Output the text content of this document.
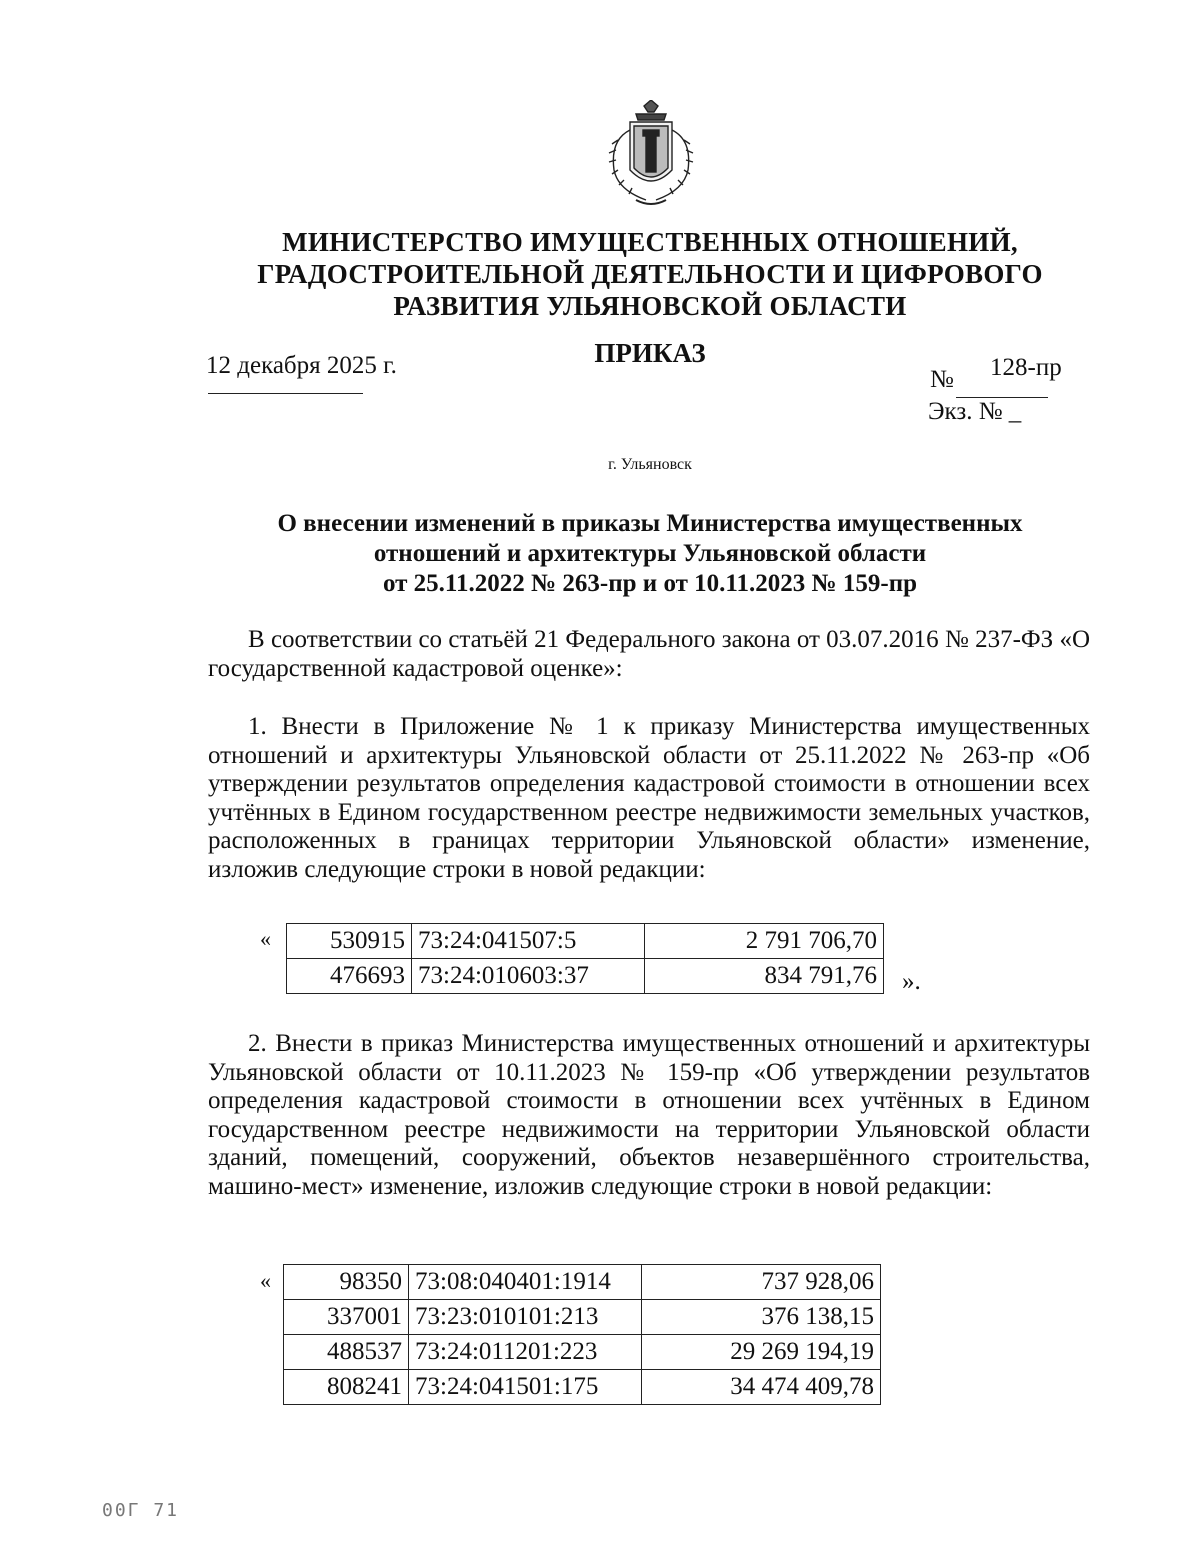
МИНИСТЕРСТВО ИМУЩЕСТВЕННЫХ ОТНОШЕНИЙ,
ГРАДОСТРОИТЕЛЬНОЙ ДЕЯТЕЛЬНОСТИ И ЦИФРОВОГО
РАЗВИТИЯ УЛЬЯНОВСКОЙ ОБЛАСТИ
ПРИКАЗ
12 декабря 2025 г.
№ 128-пр
Экз. № _
г. Ульяновск
О внесении изменений в приказы Министерства имущественных
отношений и архитектуры Ульяновской области
от 25.11.2022 № 263-пр и от 10.11.2023 № 159-пр
В соответствии со статьёй 21 Федерального закона от 03.07.2016 № 237-ФЗ «О государственной кадастровой оценке»:
1. Внести в Приложение № 1 к приказу Министерства имущественных отношений и архитектуры Ульяновской области от 25.11.2022 № 263-пр «Об утверждении результатов определения кадастровой стоимости в отношении всех учтённых в Едином государственном реестре недвижимости земельных участков, расположенных в границах территории Ульяновской области» изменение, изложив следующие строки в новой редакции:
« 530915	73:24:041507:5	2 791 706,70
476693	73:24:010603:37	834 791,76 ».
2. Внести в приказ Министерства имущественных отношений и архитектуры Ульяновской области от 10.11.2023 № 159-пр «Об утверждении результатов определения кадастровой стоимости в отношении всех учтённых в Едином государственном реестре недвижимости на территории Ульяновской области зданий, помещений, сооружений, объектов незавершённого строительства, машино-мест» изменение, изложив следующие строки в новой редакции:
«	98350	73:08:040401:1914	737 928,06
337001	73:23:010101:213	376 138,15
488537	73:24:011201:223	29 269 194,19
808241	73:24:041501:175	34 474 409,78
00Г 71
